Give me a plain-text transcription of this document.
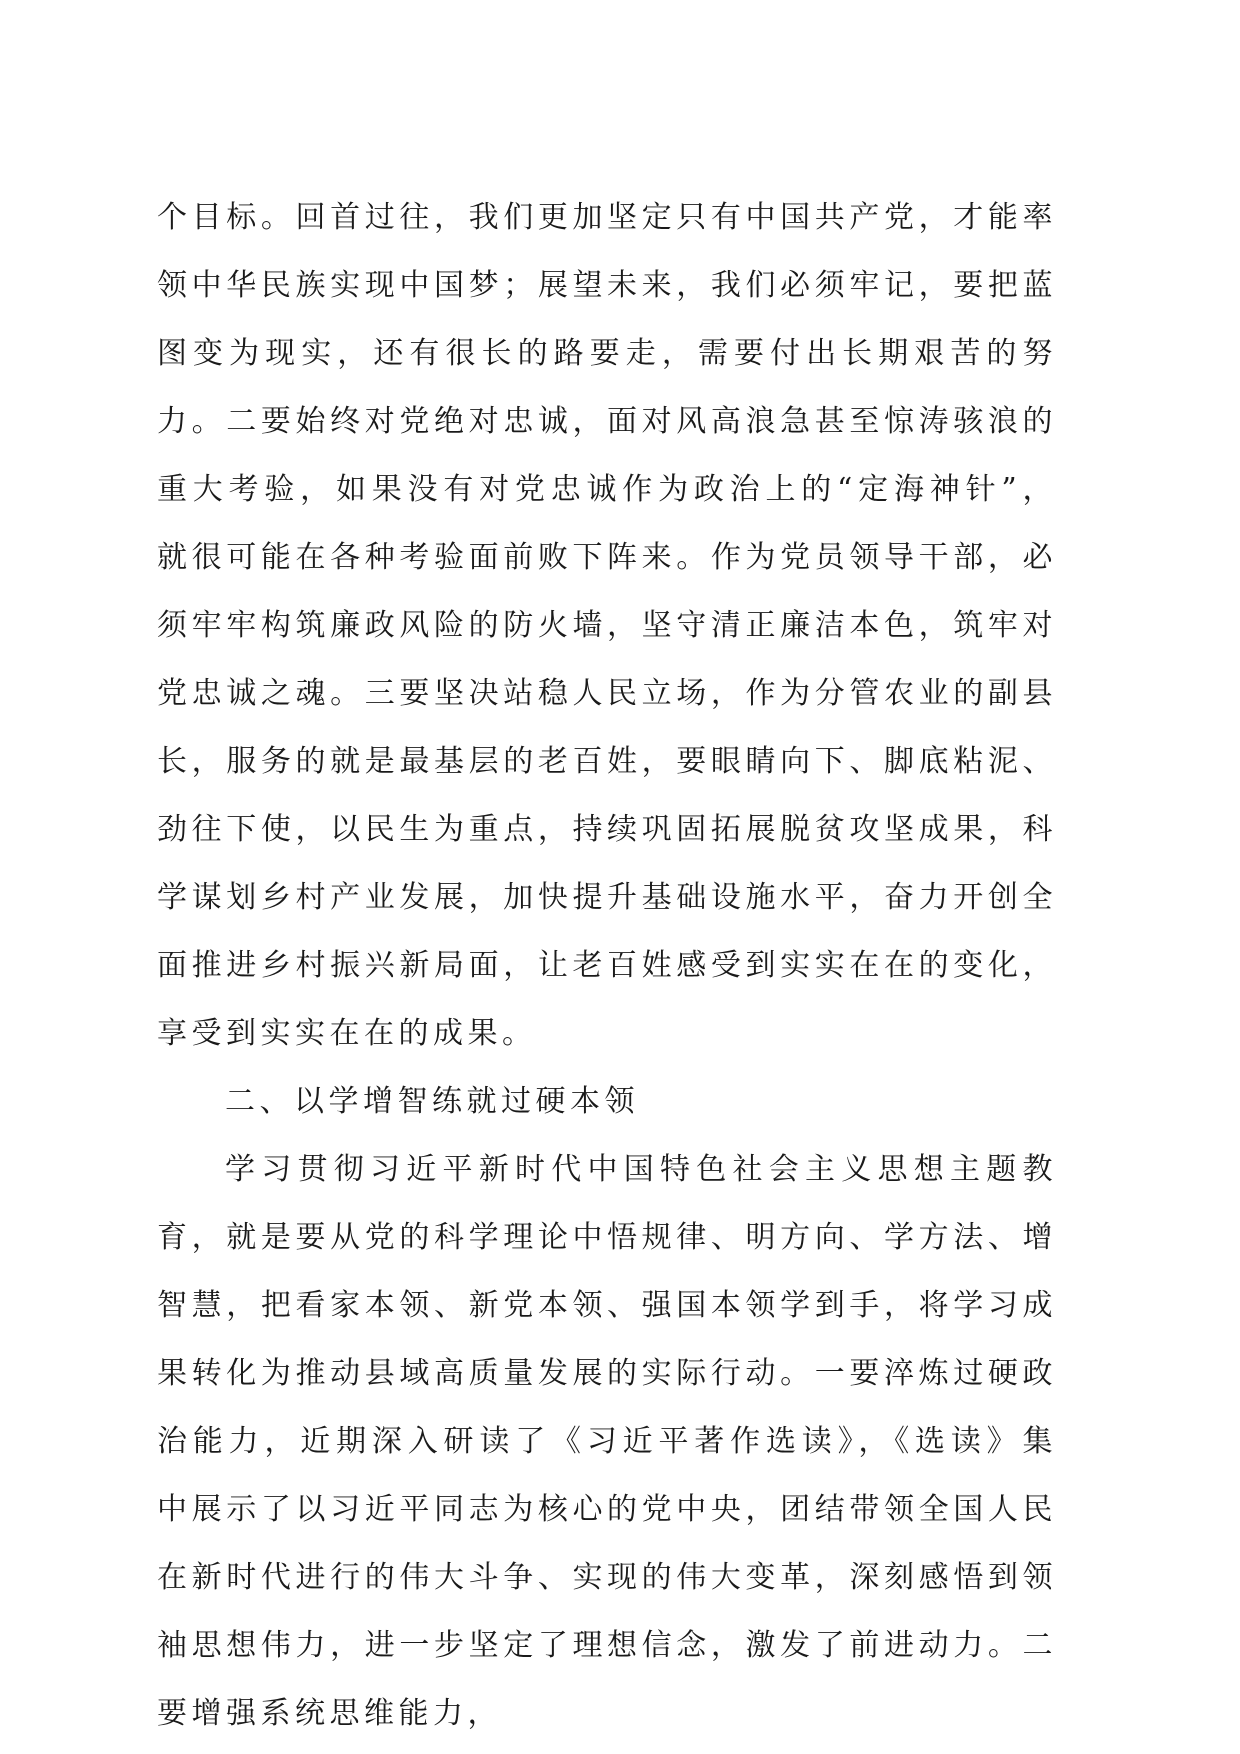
个目标。回首过往，我们更加坚定只有中国共产党，才能率领中华民族实现中国梦；展望未来，我们必须牢记，要把蓝图变为现实，还有很长的路要走，需要付出长期艰苦的努力。二要始终对党绝对忠诚，面对风高浪急甚至惊涛骇浪的重大考验，如果没有对党忠诚作为政治上的“定海神针”，就很可能在各种考验面前败下阵来。作为党员领导干部，必须牢牢构筑廉政风险的防火墙，坚守清正廉洁本色，筑牢对党忠诚之魂。三要坚决站稳人民立场，作为分管农业的副县长，服务的就是最基层的老百姓，要眼睛向下、脚底粘泥、劲往下使，以民生为重点，持续巩固拓展脱贫攻坚成果，科学谋划乡村产业发展，加快提升基础设施水平，奋力开创全面推进乡村振兴新局面，让老百姓感受到实实在在的变化，享受到实实在在的成果。

二、以学增智练就过硬本领

学习贯彻习近平新时代中国特色社会主义思想主题教育，就是要从党的科学理论中悟规律、明方向、学方法、增智慧，把看家本领、新党本领、强国本领学到手，将学习成果转化为推动县域高质量发展的实际行动。一要淬炼过硬政治能力，近期深入研读了《习近平著作选读》，《选读》集中展示了以习近平同志为核心的党中央，团结带领全国人民在新时代进行的伟大斗争、实现的伟大变革，深刻感悟到领袖思想伟力，进一步坚定了理想信念，激发了前进动力。二要增强系统思维能力，
